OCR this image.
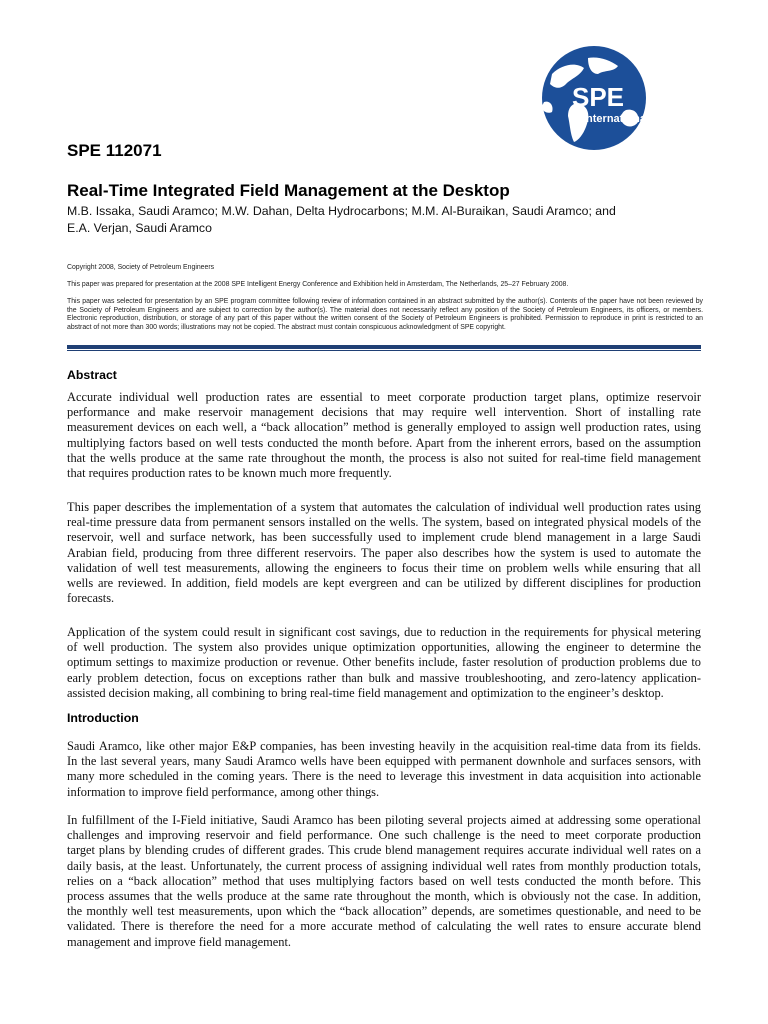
SPE
International
SPE 112071
Real-Time Integrated Field Management at the Desktop
M.B. Issaka, Saudi Aramco; M.W. Dahan, Delta Hydrocarbons; M.M. Al-Buraikan, Saudi Aramco; and
E.A. Verjan, Saudi Aramco
Copyright 2008, Society of Petroleum Engineers
This paper was prepared for presentation at the 2008 SPE Intelligent Energy Conference and Exhibition held in Amsterdam, The Netherlands, 25–27 February 2008.
This paper was selected for presentation by an SPE program committee following review of information contained in an abstract submitted by the author(s). Contents of the paper have not been reviewed by the Society of Petroleum Engineers and are subject to correction by the author(s). The material does not necessarily reflect any position of the Society of Petroleum Engineers, its officers, or members. Electronic reproduction, distribution, or storage of any part of this paper without the written consent of the Society of Petroleum Engineers is prohibited. Permission to reproduce in print is restricted to an abstract of not more than 300 words; illustrations may not be copied. The abstract must contain conspicuous acknowledgment of SPE copyright.
Abstract
Accurate individual well production rates are essential to meet corporate production target plans, optimize reservoir
performance and make reservoir management decisions that may require well intervention. Short of installing rate
measurement devices on each well, a “back allocation” method is generally employed to assign well production rates, using
multiplying factors based on well tests conducted the month before. Apart from the inherent errors, based on the assumption
that the wells produce at the same rate throughout the month, the process is also not suited for real-time field management
that requires production rates to be known much more frequently.
This paper describes the implementation of a system that automates the calculation of individual well production rates using
real-time pressure data from permanent sensors installed on the wells. The system, based on integrated physical models of the
reservoir, well and surface network, has been successfully used to implement crude blend management in a large Saudi
Arabian field, producing from three different reservoirs. The paper also describes how the system is used to automate the
validation of well test measurements, allowing the engineers to focus their time on problem wells while ensuring that all
wells are reviewed. In addition, field models are kept evergreen and can be utilized by different disciplines for production
forecasts.
Application of the system could result in significant cost savings, due to reduction in the requirements for physical metering
of well production. The system also provides unique optimization opportunities, allowing the engineer to determine the
optimum settings to maximize production or revenue. Other benefits include, faster resolution of production problems due to
early problem detection, focus on exceptions rather than bulk and massive troubleshooting, and zero-latency application-
assisted decision making, all combining to bring real-time field management and optimization to the engineer’s desktop.
Introduction
Saudi Aramco, like other major E&P companies, has been investing heavily in the acquisition real-time data from its fields.
In the last several years, many Saudi Aramco wells have been equipped with permanent downhole and surfaces sensors, with
many more scheduled in the coming years. There is the need to leverage this investment in data acquisition into actionable
information to improve field performance, among other things.
In fulfillment of the I-Field initiative, Saudi Aramco has been piloting several projects aimed at addressing some operational
challenges and improving reservoir and field performance. One such challenge is the need to meet corporate production
target plans by blending crudes of different grades. This crude blend management requires accurate individual well rates on a
daily basis, at the least. Unfortunately, the current process of assigning individual well rates from monthly production totals,
relies on a “back allocation” method that uses multiplying factors based on well tests conducted the month before. This
process assumes that the wells produce at the same rate throughout the month, which is obviously not the case. In addition,
the monthly well test measurements, upon which the “back allocation” depends, are sometimes questionable, and need to be
validated. There is therefore the need for a more accurate method of calculating the well rates to ensure accurate blend
management and improve field management.
